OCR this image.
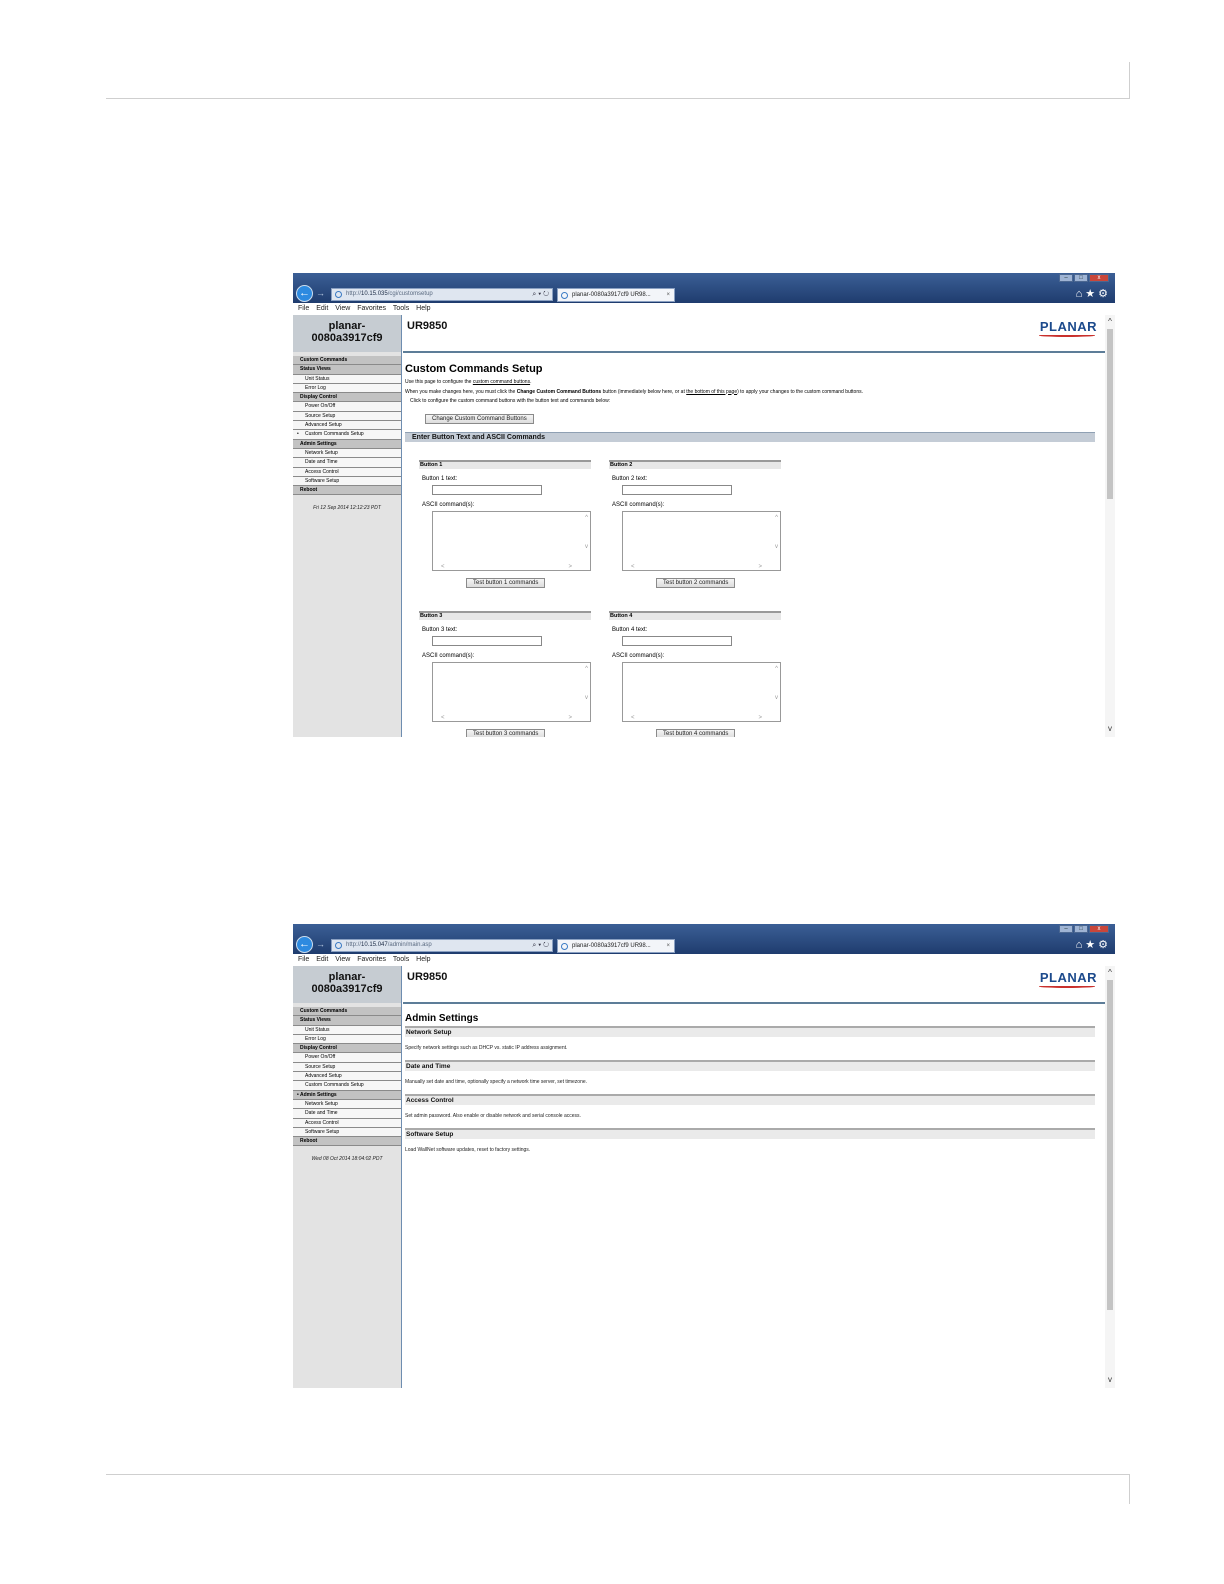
–	□	x
← →	http://10.15.035/cgi/customsetup	⌕ ▾ ↻	planar-0080a3917cf9 UR98...	×	⌂★⚙
File Edit View Favorites Tools Help
planar-
0080a3917cf9
Custom Commands
Status Views
Unit Status
Error Log
Display Control
Power On/Off
Source Setup
Advanced Setup
• Custom Commands Setup
Admin Settings
Network Setup
Date and Time
Access Control
Software Setup
Reboot
Fri 12 Sep 2014 12:12:23 PDT
UR9850	PLANAR
Custom Commands Setup
Use this page to configure the custom command buttons.
When you make changes here, you must click the Change Custom Command Buttons button (immediately below here, or at the bottom of this page) to apply your changes to the custom command buttons.
Click to configure the custom command buttons with the button text and commands below:
Change Custom Command Buttons
Enter Button Text and ASCII Commands
Button 1
Button 1 text:
ASCII command(s):
^
v
<	>
Test button 1 commands
Button 2
Button 2 text:
ASCII command(s):
^
v
<	>
Test button 2 commands
Button 3
Button 3 text:
ASCII command(s):
^
v
<	>
Test button 3 commands
Button 4
Button 4 text:
ASCII command(s):
^
v
<	>
Test button 4 commands
^
v
–	□	x
← →	http://10.15.047/admin/main.asp	⌕ ▾ ↻	planar-0080a3917cf9 UR98...	×	⌂★⚙
File Edit View Favorites Tools Help
planar-
0080a3917cf9
Custom Commands
Status Views
Unit Status
Error Log
Display Control
Power On/Off
Source Setup
Advanced Setup
Custom Commands Setup
• Admin Settings
Network Setup
Date and Time
Access Control
Software Setup
Reboot
Wed 08 Oct 2014 18:04:02 PDT
UR9850	PLANAR
Admin Settings
Network Setup
Specify network settings such as DHCP vs. static IP address assignment.
Date and Time
Manually set date and time, optionally specify a network time server, set timezone.
Access Control
Set admin password. Also enable or disable network and serial console access.
Software Setup
Load WallNet software updates, reset to factory settings.
^
v
